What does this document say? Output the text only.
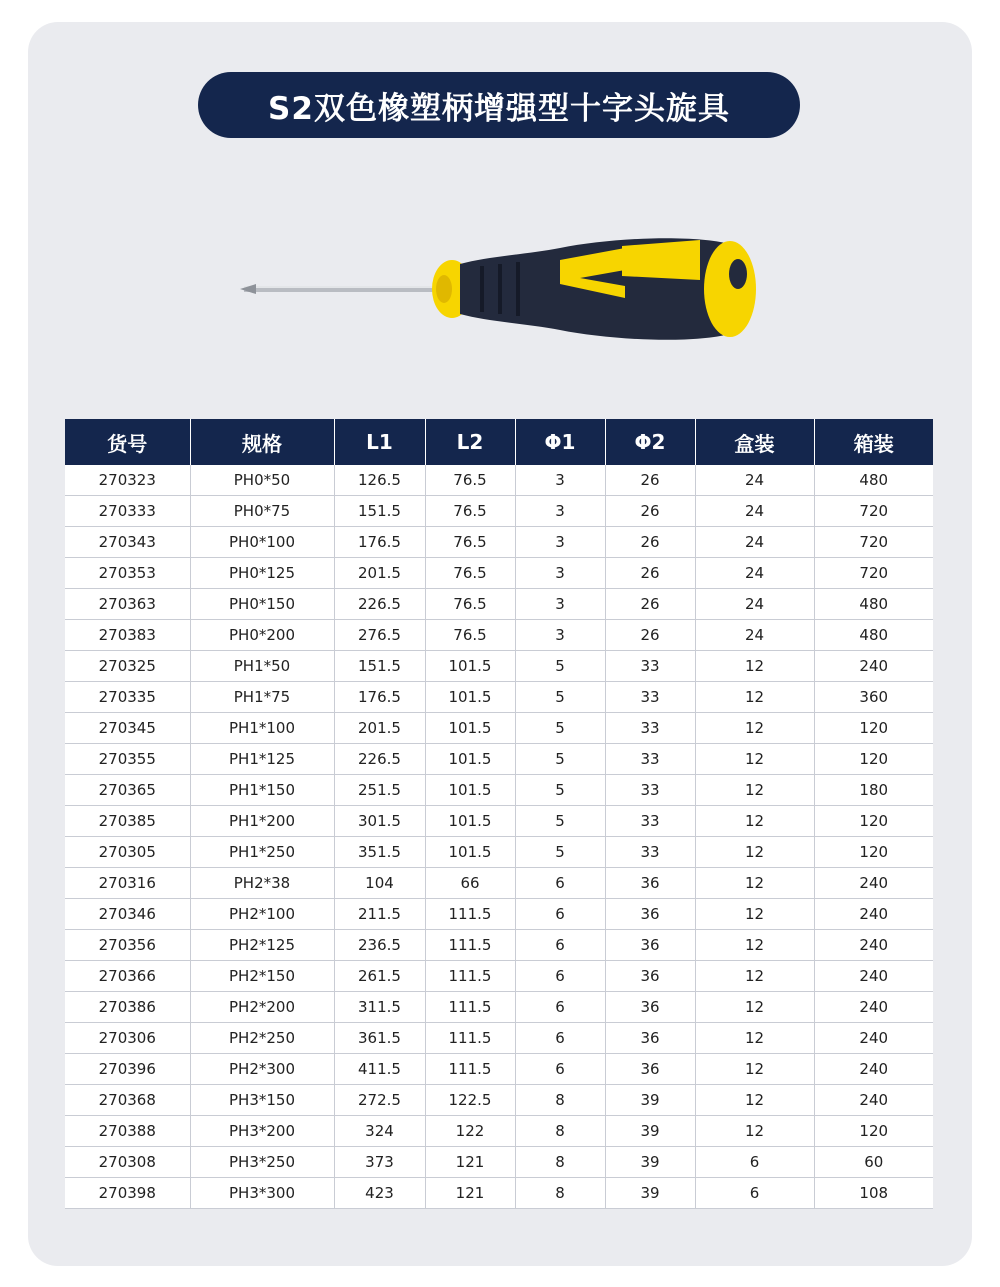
S2双色橡塑柄增强型十字头旋具
货号	规格	L1	L2	Φ1	Φ2	盒装	箱装
270323	PH0*50	126.5	76.5	3	26	24	480
270333	PH0*75	151.5	76.5	3	26	24	720
270343	PH0*100	176.5	76.5	3	26	24	720
270353	PH0*125	201.5	76.5	3	26	24	720
270363	PH0*150	226.5	76.5	3	26	24	480
270383	PH0*200	276.5	76.5	3	26	24	480
270325	PH1*50	151.5	101.5	5	33	12	240
270335	PH1*75	176.5	101.5	5	33	12	360
270345	PH1*100	201.5	101.5	5	33	12	120
270355	PH1*125	226.5	101.5	5	33	12	120
270365	PH1*150	251.5	101.5	5	33	12	180
270385	PH1*200	301.5	101.5	5	33	12	120
270305	PH1*250	351.5	101.5	5	33	12	120
270316	PH2*38	104	66	6	36	12	240
270346	PH2*100	211.5	111.5	6	36	12	240
270356	PH2*125	236.5	111.5	6	36	12	240
270366	PH2*150	261.5	111.5	6	36	12	240
270386	PH2*200	311.5	111.5	6	36	12	240
270306	PH2*250	361.5	111.5	6	36	12	240
270396	PH2*300	411.5	111.5	6	36	12	240
270368	PH3*150	272.5	122.5	8	39	12	240
270388	PH3*200	324	122	8	39	12	120
270308	PH3*250	373	121	8	39	6	60
270398	PH3*300	423	121	8	39	6	108
